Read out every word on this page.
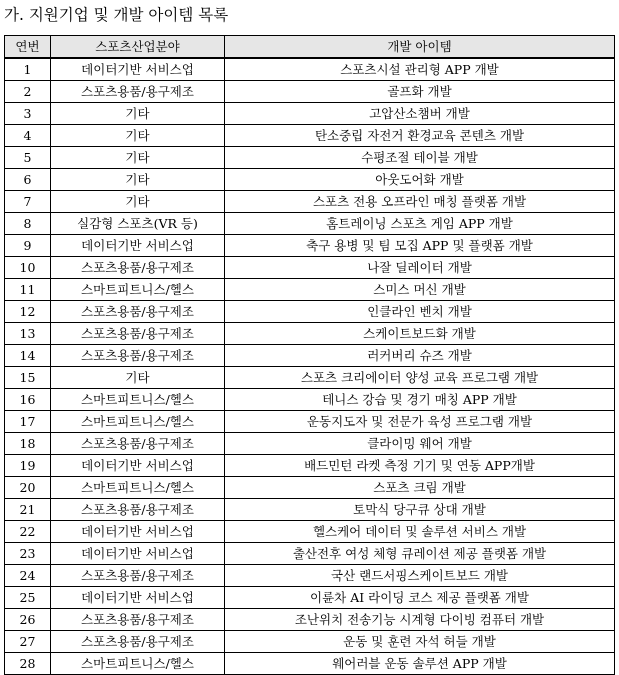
가. 지원기업 및 개발 아이템 목록
연번	스포츠산업분야	개발 아이템
1	데이터기반 서비스업	스포츠시설 관리형 APP 개발
2	스포츠용품/용구제조	골프화 개발
3	기타	고압산소챔버 개발
4	기타	탄소중립 자전거 환경교육 콘텐츠 개발
5	기타	수평조절 테이블 개발
6	기타	아웃도어화 개발
7	기타	스포츠 전용 오프라인 매칭 플랫폼 개발
8	실감형 스포츠(VR 등)	홈트레이닝 스포츠 게임 APP 개발
9	데이터기반 서비스업	축구 용병 및 팀 모집 APP 및 플랫폼 개발
10	스포츠용품/용구제조	나잘 딜레이터 개발
11	스마트피트니스/헬스	스미스 머신 개발
12	스포츠용품/용구제조	인클라인 벤치 개발
13	스포츠용품/용구제조	스케이트보드화 개발
14	스포츠용품/용구제조	러커버리 슈즈 개발
15	기타	스포츠 크리에이터 양성 교육 프로그램 개발
16	스마트피트니스/헬스	테니스 강습 및 경기 매칭 APP 개발
17	스마트피트니스/헬스	운동지도자 및 전문가 육성 프로그램 개발
18	스포츠용품/용구제조	클라이밍 웨어 개발
19	데이터기반 서비스업	배드민턴 라켓 측정 기기 및 연동 APP개발
20	스마트피트니스/헬스	스포츠 크림 개발
21	스포츠용품/용구제조	토막식 당구큐 상대 개발
22	데이터기반 서비스업	헬스케어 데이터 및 솔루션 서비스 개발
23	데이터기반 서비스업	출산전후 여성 체형 큐레이션 제공 플랫폼 개발
24	스포츠용품/용구제조	국산 랜드서핑스케이트보드 개발
25	데이터기반 서비스업	이륜차 AI 라이딩 코스 제공 플랫폼 개발
26	스포츠용품/용구제조	조난위치 전송기능 시계형 다이빙 컴퓨터 개발
27	스포츠용품/용구제조	운동 및 훈련 자석 허들 개발
28	스마트피트니스/헬스	웨어러블 운동 솔루션 APP 개발
